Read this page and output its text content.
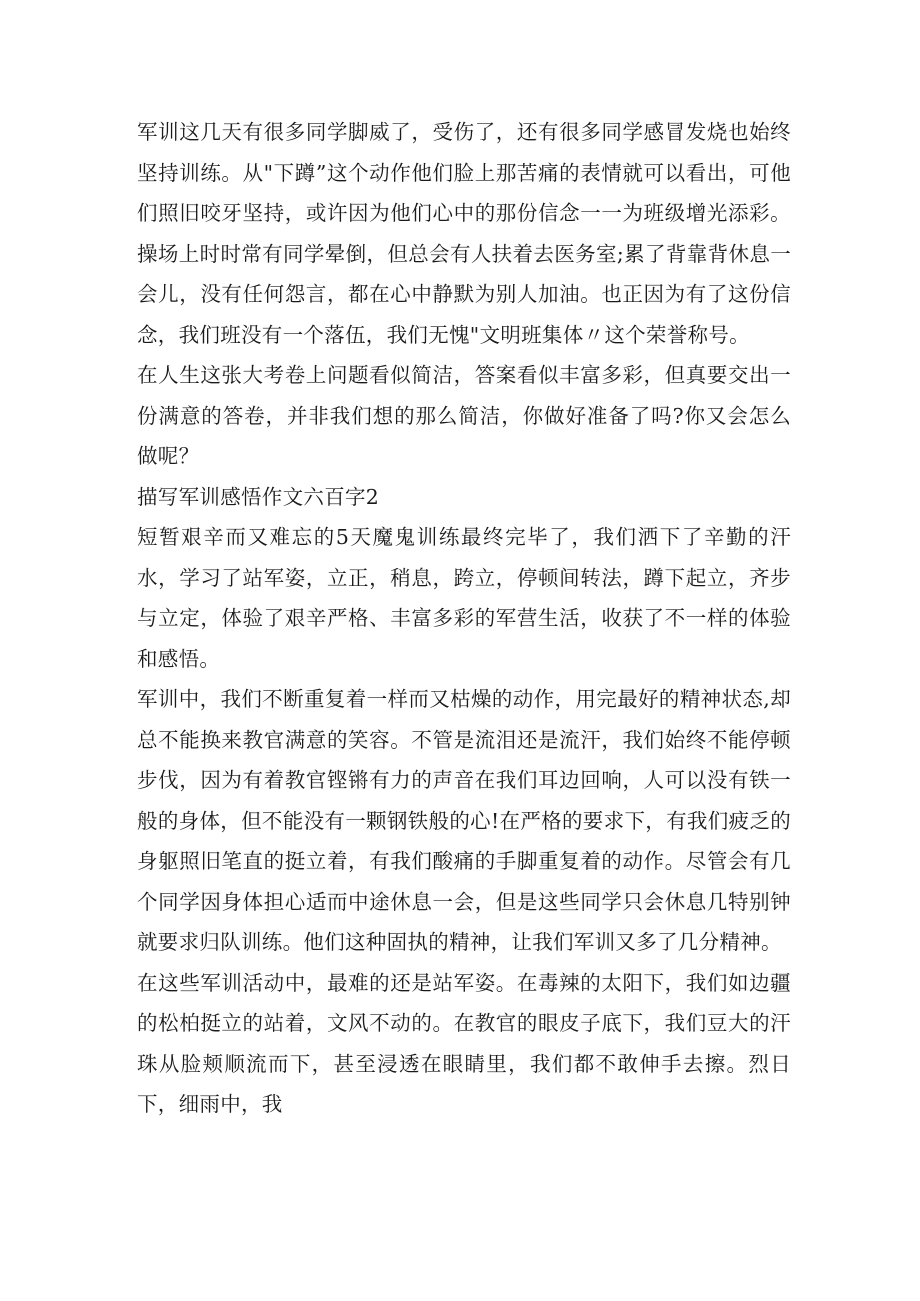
军训这几天有很多同学脚威了，受伤了，还有很多同学感冒发烧也始终坚持训练。从"下蹲”这个动作他们脸上那苦痛的表情就可以看出，可他们照旧咬牙坚持，或许因为他们心中的那份信念一一为班级增光添彩。操场上时时常有同学晕倒，但总会有人扶着去医务室;累了背靠背休息一会儿，没有任何怨言，都在心中静默为别人加油。也正因为有了这份信念，我们班没有一个落伍，我们无愧"文明班集体〃这个荣誉称号。

在人生这张大考卷上问题看似简洁，答案看似丰富多彩，但真要交出一份满意的答卷，并非我们想的那么简洁，你做好准备了吗?你又会怎么做呢？

描写军训感悟作文六百字2

短暂艰辛而又难忘的5天魔鬼训练最终完毕了，我们洒下了辛勤的汗水，学习了站军姿，立正，稍息，跨立，停顿间转法，蹲下起立，齐步与立定，体验了艰辛严格、丰富多彩的军营生活，收获了不一样的体验和感悟。

军训中，我们不断重复着一样而又枯燥的动作，用完最好的精神状态,却总不能换来教官满意的笑容。不管是流泪还是流汗，我们始终不能停顿步伐，因为有着教官铿锵有力的声音在我们耳边回响，人可以没有铁一般的身体，但不能没有一颗钢铁般的心!在严格的要求下，有我们疲乏的身躯照旧笔直的挺立着，有我们酸痛的手脚重复着的动作。尽管会有几个同学因身体担心适而中途休息一会，但是这些同学只会休息几特别钟就要求归队训练。他们这种固执的精神，让我们军训又多了几分精神。

在这些军训活动中，最难的还是站军姿。在毒辣的太阳下，我们如边疆的松柏挺立的站着，文风不动的。在教官的眼皮子底下，我们豆大的汗珠从脸颊顺流而下，甚至浸透在眼睛里，我们都不敢伸手去擦。烈日下，细雨中，我
